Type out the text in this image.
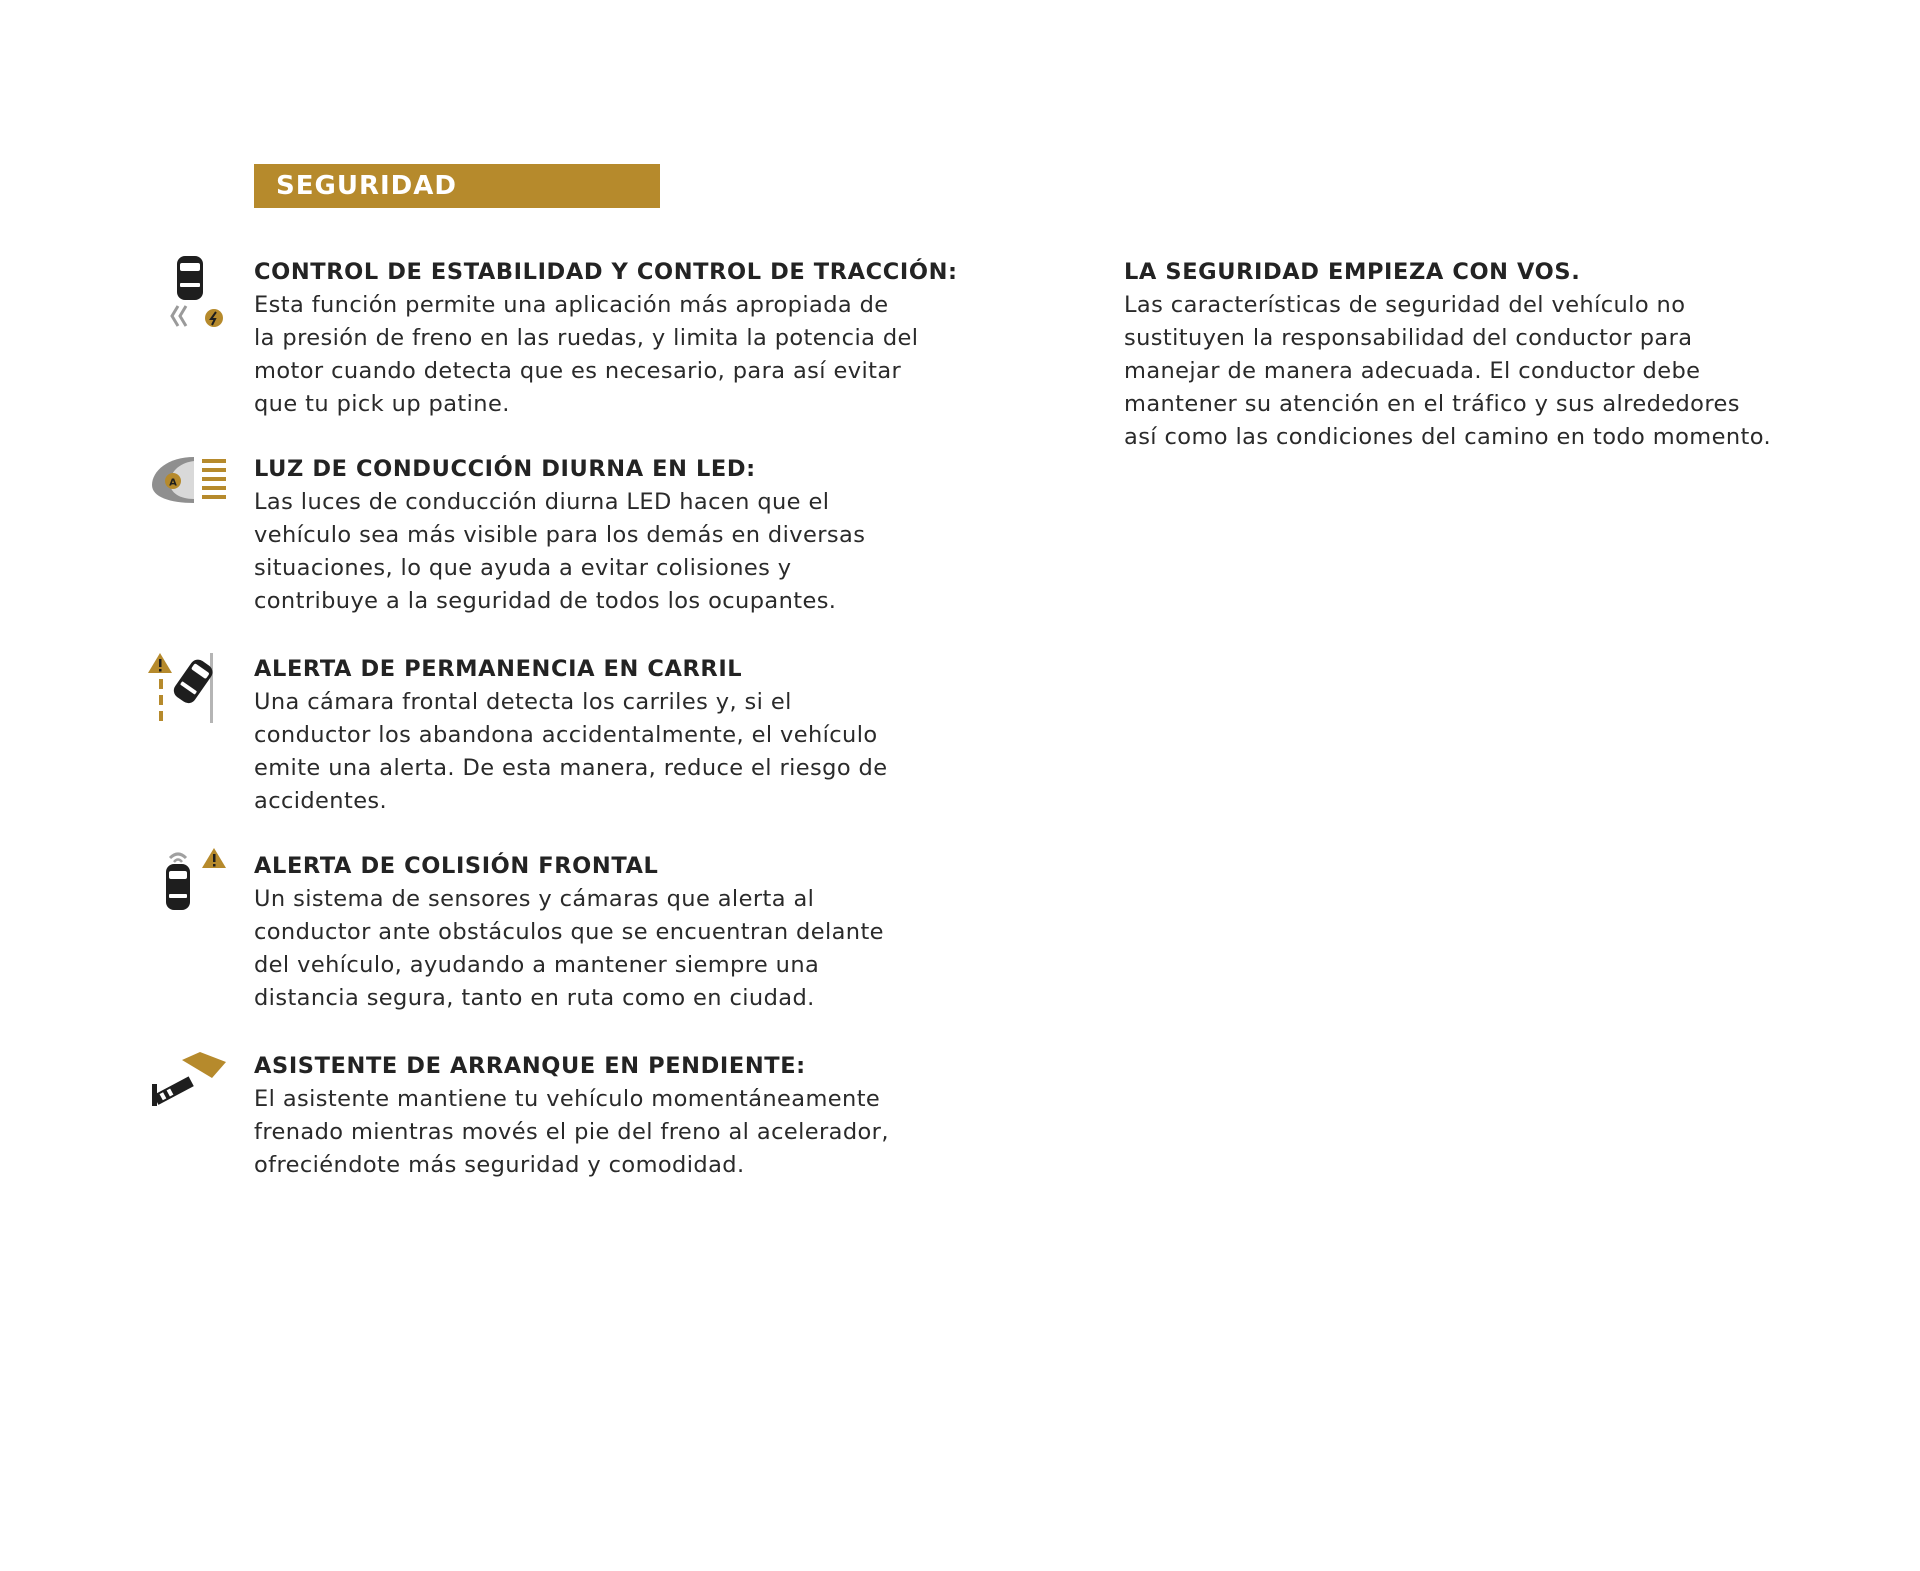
SEGURIDAD
CONTROL DE ESTABILIDAD Y CONTROL DE TRACCIÓN:
Esta función permite una aplicación más apropiada de
la presión de freno en las ruedas, y limita la potencia del
motor cuando detecta que es necesario, para así evitar
que tu pick up patine.
A
LUZ DE CONDUCCIÓN DIURNA EN LED:
Las luces de conducción diurna LED hacen que el
vehículo sea más visible para los demás en diversas
situaciones, lo que ayuda a evitar colisiones y
contribuye a la seguridad de todos los ocupantes.
ALERTA DE PERMANENCIA EN CARRIL
Una cámara frontal detecta los carriles y, si el
conductor los abandona accidentalmente, el vehículo
emite una alerta. De esta manera, reduce el riesgo de
accidentes.
ALERTA DE COLISIÓN FRONTAL
Un sistema de sensores y cámaras que alerta al
conductor ante obstáculos que se encuentran delante
del vehículo, ayudando a mantener siempre una
distancia segura, tanto en ruta como en ciudad.
ASISTENTE DE ARRANQUE EN PENDIENTE:
El asistente mantiene tu vehículo momentáneamente
frenado mientras movés el pie del freno al acelerador,
ofreciéndote más seguridad y comodidad.
LA SEGURIDAD EMPIEZA CON VOS.
Las características de seguridad del vehículo no
sustituyen la responsabilidad del conductor para
manejar de manera adecuada. El conductor debe
mantener su atención en el tráfico y sus alrededores
así como las condiciones del camino en todo momento.
